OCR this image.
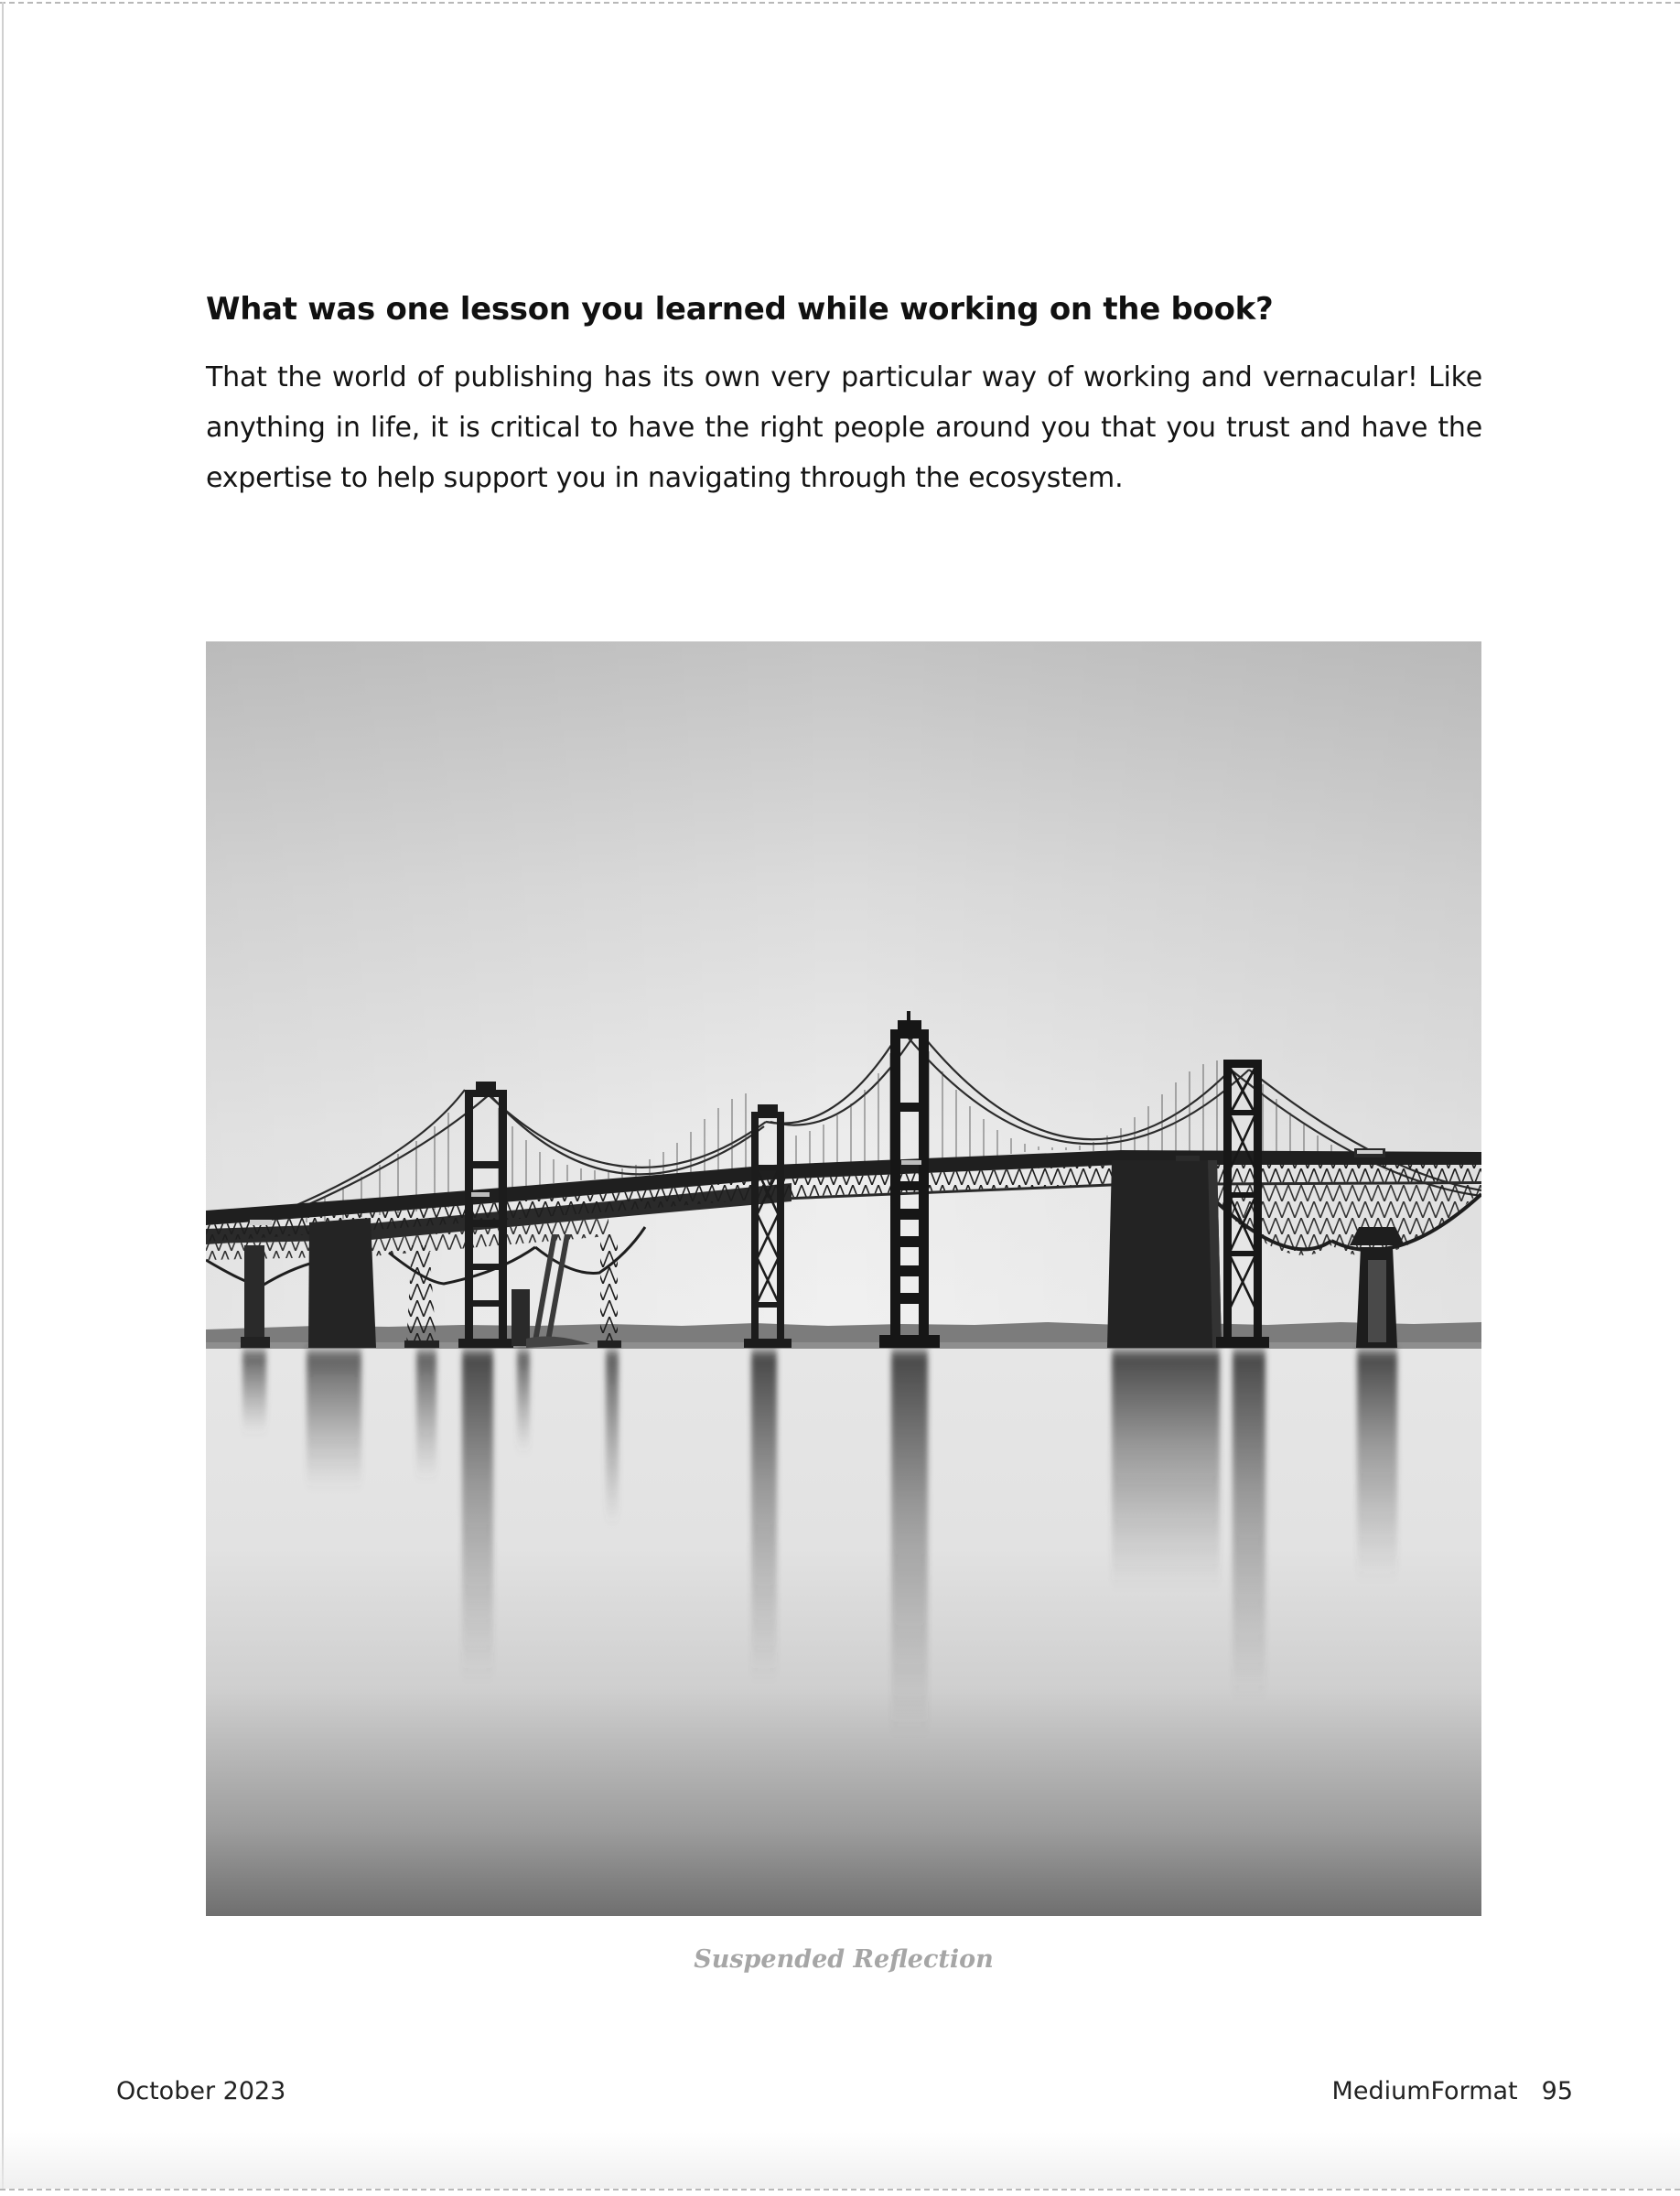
What was one lesson you learned while working on the book?

That the world of publishing has its own very particular way of working and vernacular! Like anything in life, it is critical to have the right people around you that you trust and have the expertise to help support you in navigating through the ecosystem.

Suspended Reflection

October 2023	MediumFormat 95
